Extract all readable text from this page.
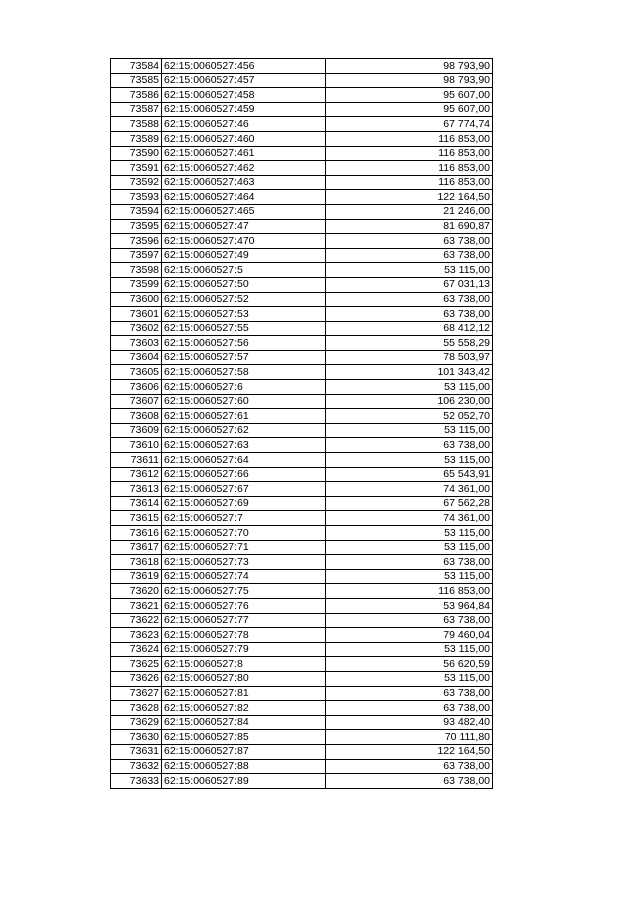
73584	62:15:0060527:456	98 793,90
73585	62:15:0060527:457	98 793,90
73586	62:15:0060527:458	95 607,00
73587	62:15:0060527:459	95 607,00
73588	62:15:0060527:46	67 774,74
73589	62:15:0060527:460	116 853,00
73590	62:15:0060527:461	116 853,00
73591	62:15:0060527:462	116 853,00
73592	62:15:0060527:463	116 853,00
73593	62:15:0060527:464	122 164,50
73594	62:15:0060527:465	21 246,00
73595	62:15:0060527:47	81 690,87
73596	62:15:0060527:470	63 738,00
73597	62:15:0060527:49	63 738,00
73598	62:15:0060527:5	53 115,00
73599	62:15:0060527:50	67 031,13
73600	62:15:0060527:52	63 738,00
73601	62:15:0060527:53	63 738,00
73602	62:15:0060527:55	68 412,12
73603	62:15:0060527:56	55 558,29
73604	62:15:0060527:57	78 503,97
73605	62:15:0060527:58	101 343,42
73606	62:15:0060527:6	53 115,00
73607	62:15:0060527:60	106 230,00
73608	62:15:0060527:61	52 052,70
73609	62:15:0060527:62	53 115,00
73610	62:15:0060527:63	63 738,00
73611	62:15:0060527:64	53 115,00
73612	62:15:0060527:66	65 543,91
73613	62:15:0060527:67	74 361,00
73614	62:15:0060527:69	67 562,28
73615	62:15:0060527:7	74 361,00
73616	62:15:0060527:70	53 115,00
73617	62:15:0060527:71	53 115,00
73618	62:15:0060527:73	63 738,00
73619	62:15:0060527:74	53 115,00
73620	62:15:0060527:75	116 853,00
73621	62:15:0060527:76	53 964,84
73622	62:15:0060527:77	63 738,00
73623	62:15:0060527:78	79 460,04
73624	62:15:0060527:79	53 115,00
73625	62:15:0060527:8	56 620,59
73626	62:15:0060527:80	53 115,00
73627	62:15:0060527:81	63 738,00
73628	62:15:0060527:82	63 738,00
73629	62:15:0060527:84	93 482,40
73630	62:15:0060527:85	70 111,80
73631	62:15:0060527:87	122 164,50
73632	62:15:0060527:88	63 738,00
73633	62:15:0060527:89	63 738,00
